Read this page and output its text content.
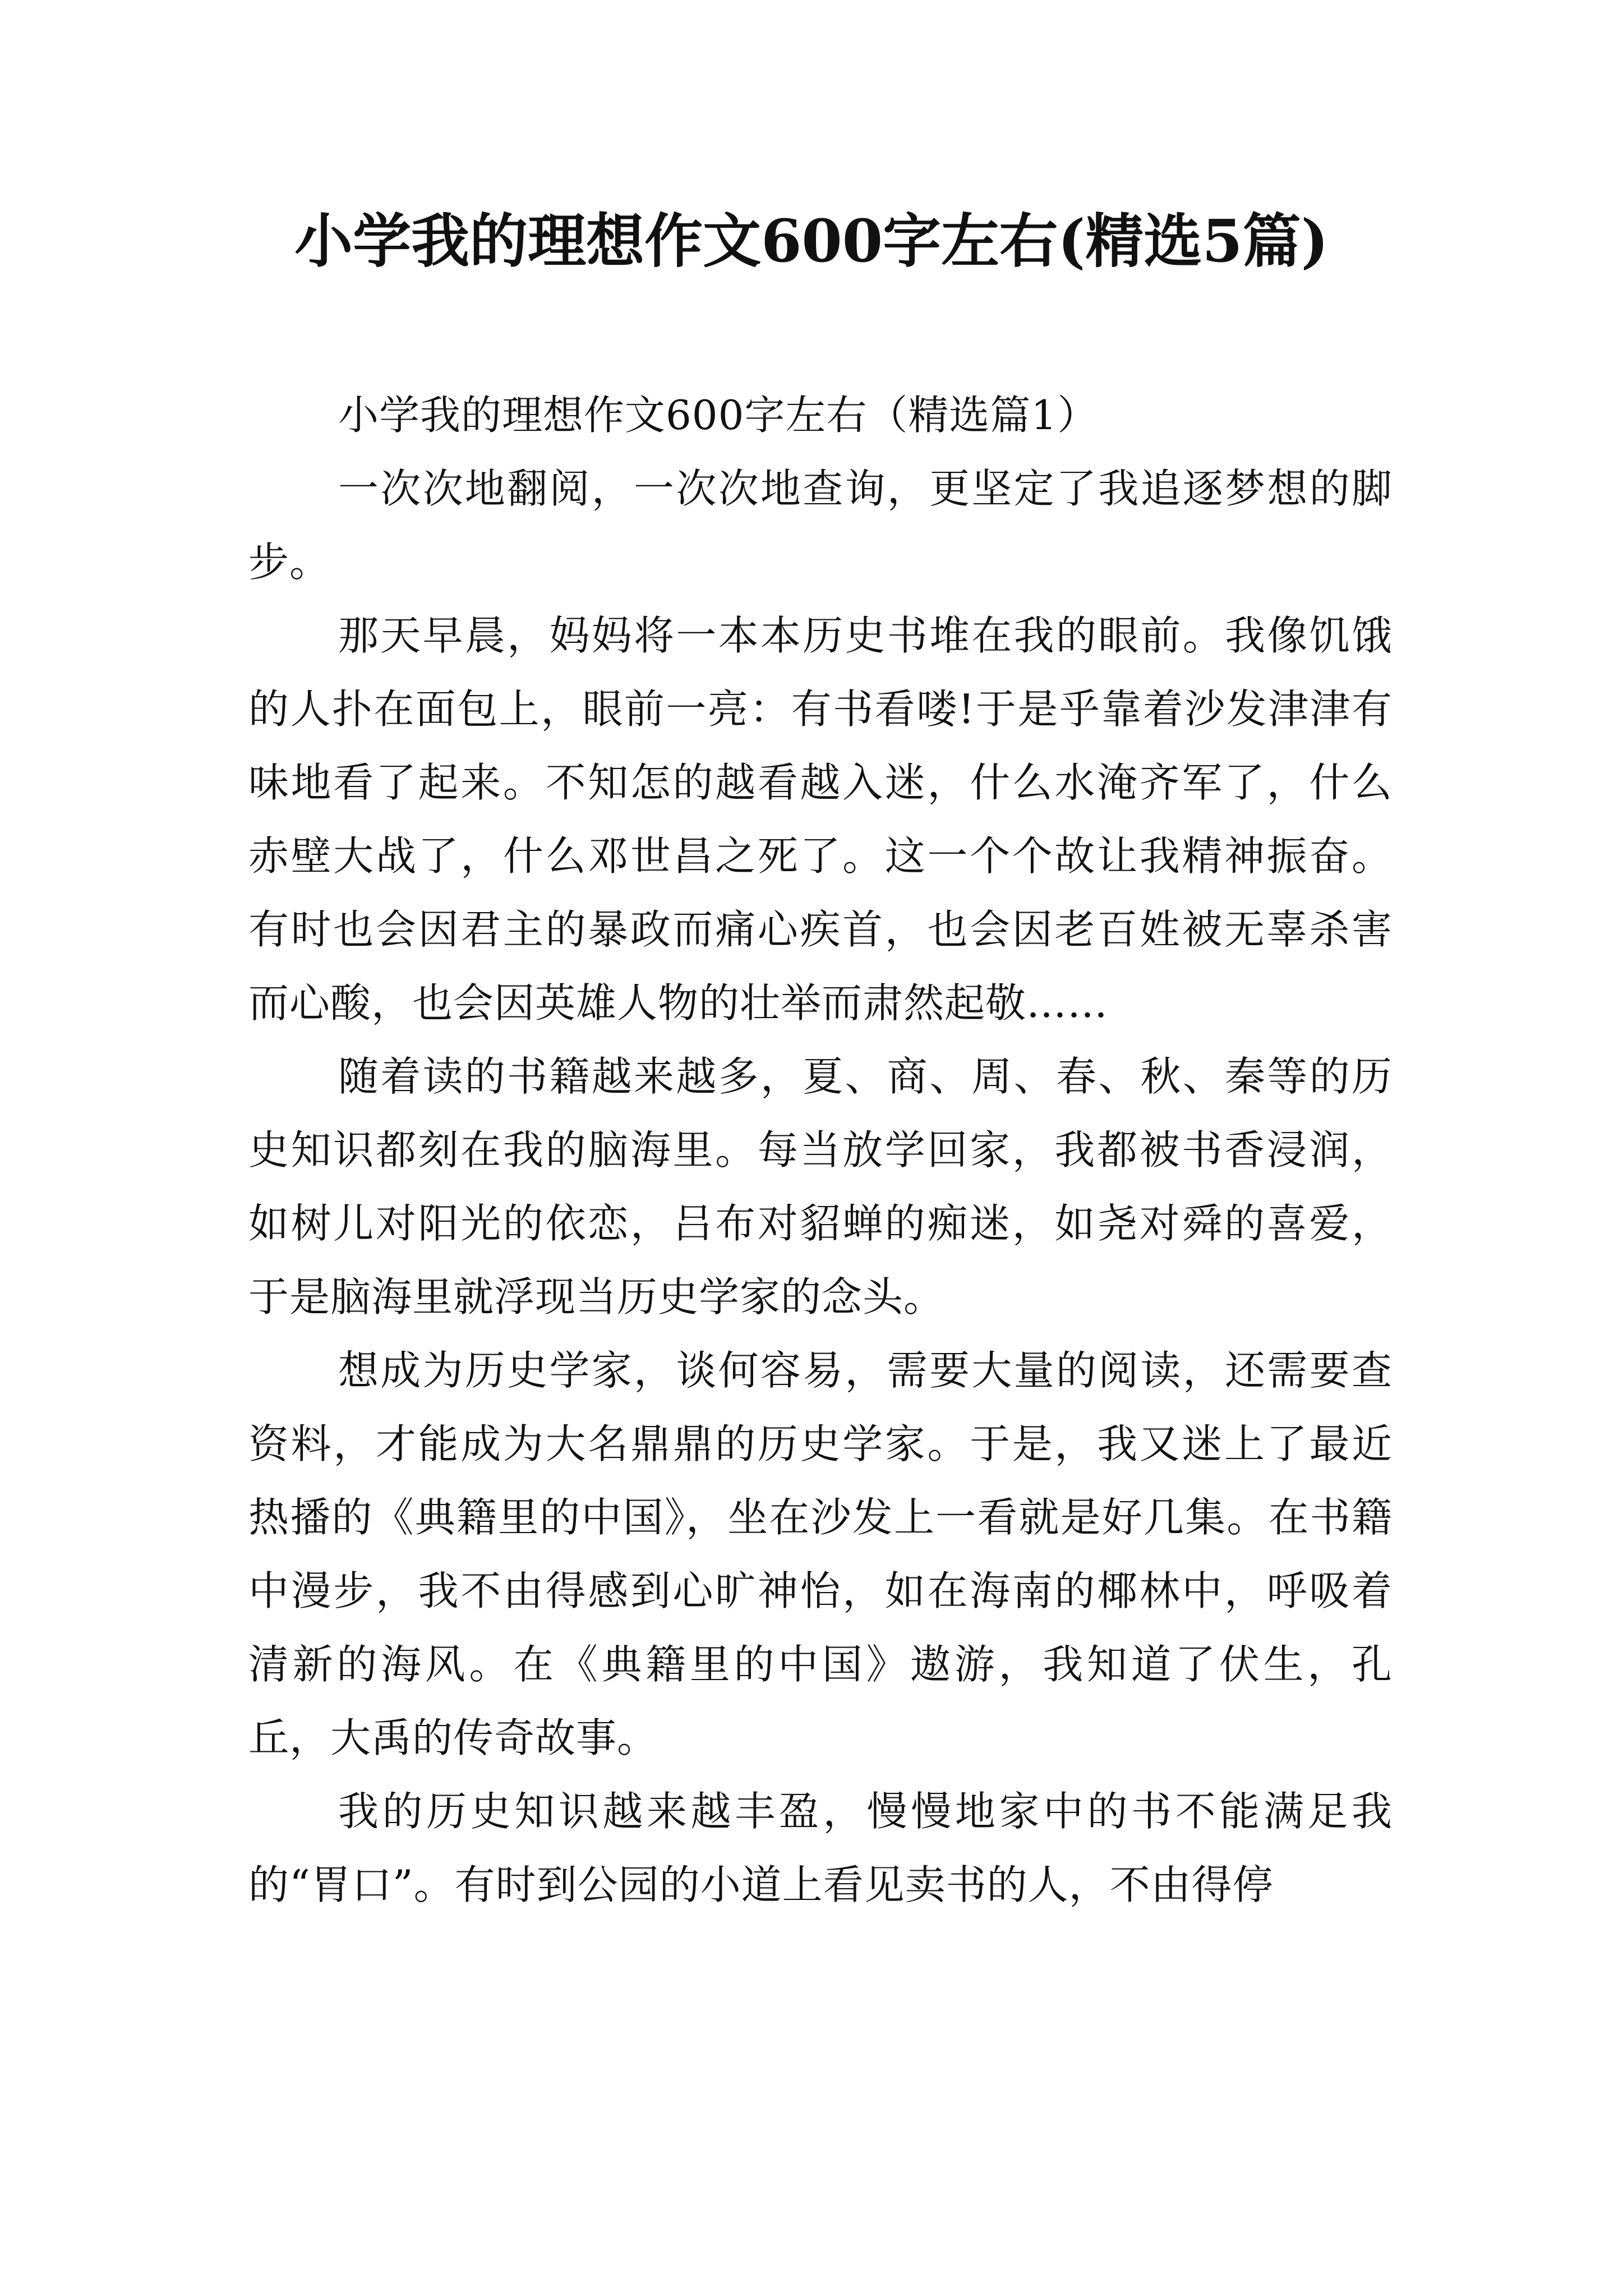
小学我的理想作文600字左右(精选5篇)

小学我的理想作文600字左右（精选篇1）

一次次地翻阅，一次次地查询，更坚定了我追逐梦想的脚步。

那天早晨，妈妈将一本本历史书堆在我的眼前。我像饥饿的人扑在面包上，眼前一亮：有书看喽!于是乎靠着沙发津津有味地看了起来。不知怎的越看越入迷，什么水淹齐军了，什么赤壁大战了，什么邓世昌之死了。这一个个故让我精神振奋。有时也会因君主的暴政而痛心疾首，也会因老百姓被无辜杀害而心酸，也会因英雄人物的壮举而肃然起敬……

随着读的书籍越来越多，夏、商、周、春、秋、秦等的历史知识都刻在我的脑海里。每当放学回家，我都被书香浸润，如树儿对阳光的依恋，吕布对貂蝉的痴迷，如尧对舜的喜爱，于是脑海里就浮现当历史学家的念头。

想成为历史学家，谈何容易，需要大量的阅读，还需要查资料，才能成为大名鼎鼎的历史学家。于是，我又迷上了最近热播的《典籍里的中国》，坐在沙发上一看就是好几集。在书籍中漫步，我不由得感到心旷神怡，如在海南的椰林中，呼吸着清新的海风。在《典籍里的中国》遨游，我知道了伏生，孔丘，大禹的传奇故事。

我的历史知识越来越丰盈，慢慢地家中的书不能满足我的“胃口”。有时到公园的小道上看见卖书的人，不由得停
